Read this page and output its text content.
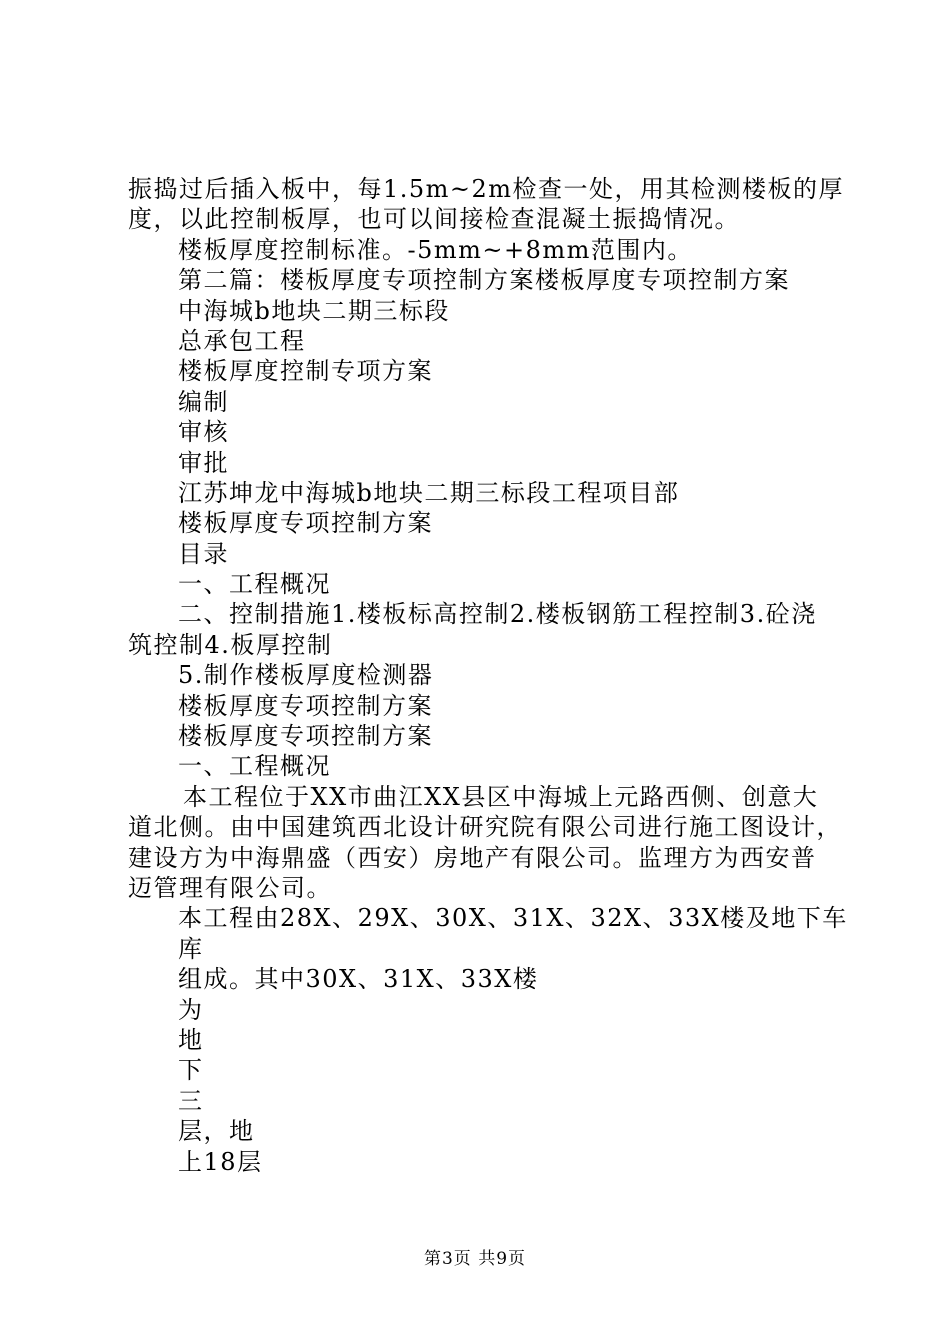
振捣过后插入板中，每1.5m~2m检查一处，用其检测楼板的厚
度，以此控制板厚，也可以间接检查混凝土振捣情况。
楼板厚度控制标准。-5mm~+8mm范围内。
第二篇：楼板厚度专项控制方案楼板厚度专项控制方案
中海城b地块二期三标段
总承包工程
楼板厚度控制专项方案
编制
审核
审批
江苏坤龙中海城b地块二期三标段工程项目部
楼板厚度专项控制方案
目录
一、工程概况
二、控制措施1.楼板标高控制2.楼板钢筋工程控制3.砼浇
筑控制4.板厚控制
5.制作楼板厚度检测器
楼板厚度专项控制方案
楼板厚度专项控制方案
一、工程概况
本工程位于XX市曲江XX县区中海城上元路西侧、创意大
道北侧。由中国建筑西北设计研究院有限公司进行施工图设计，
建设方为中海鼎盛（西安）房地产有限公司。监理方为西安普
迈管理有限公司。
本工程由28X、29X、30X、31X、32X、33X楼及地下车
库
组成。其中30X、31X、33X楼
为
地
下
三
层，地
上18层
第3页 共9页
